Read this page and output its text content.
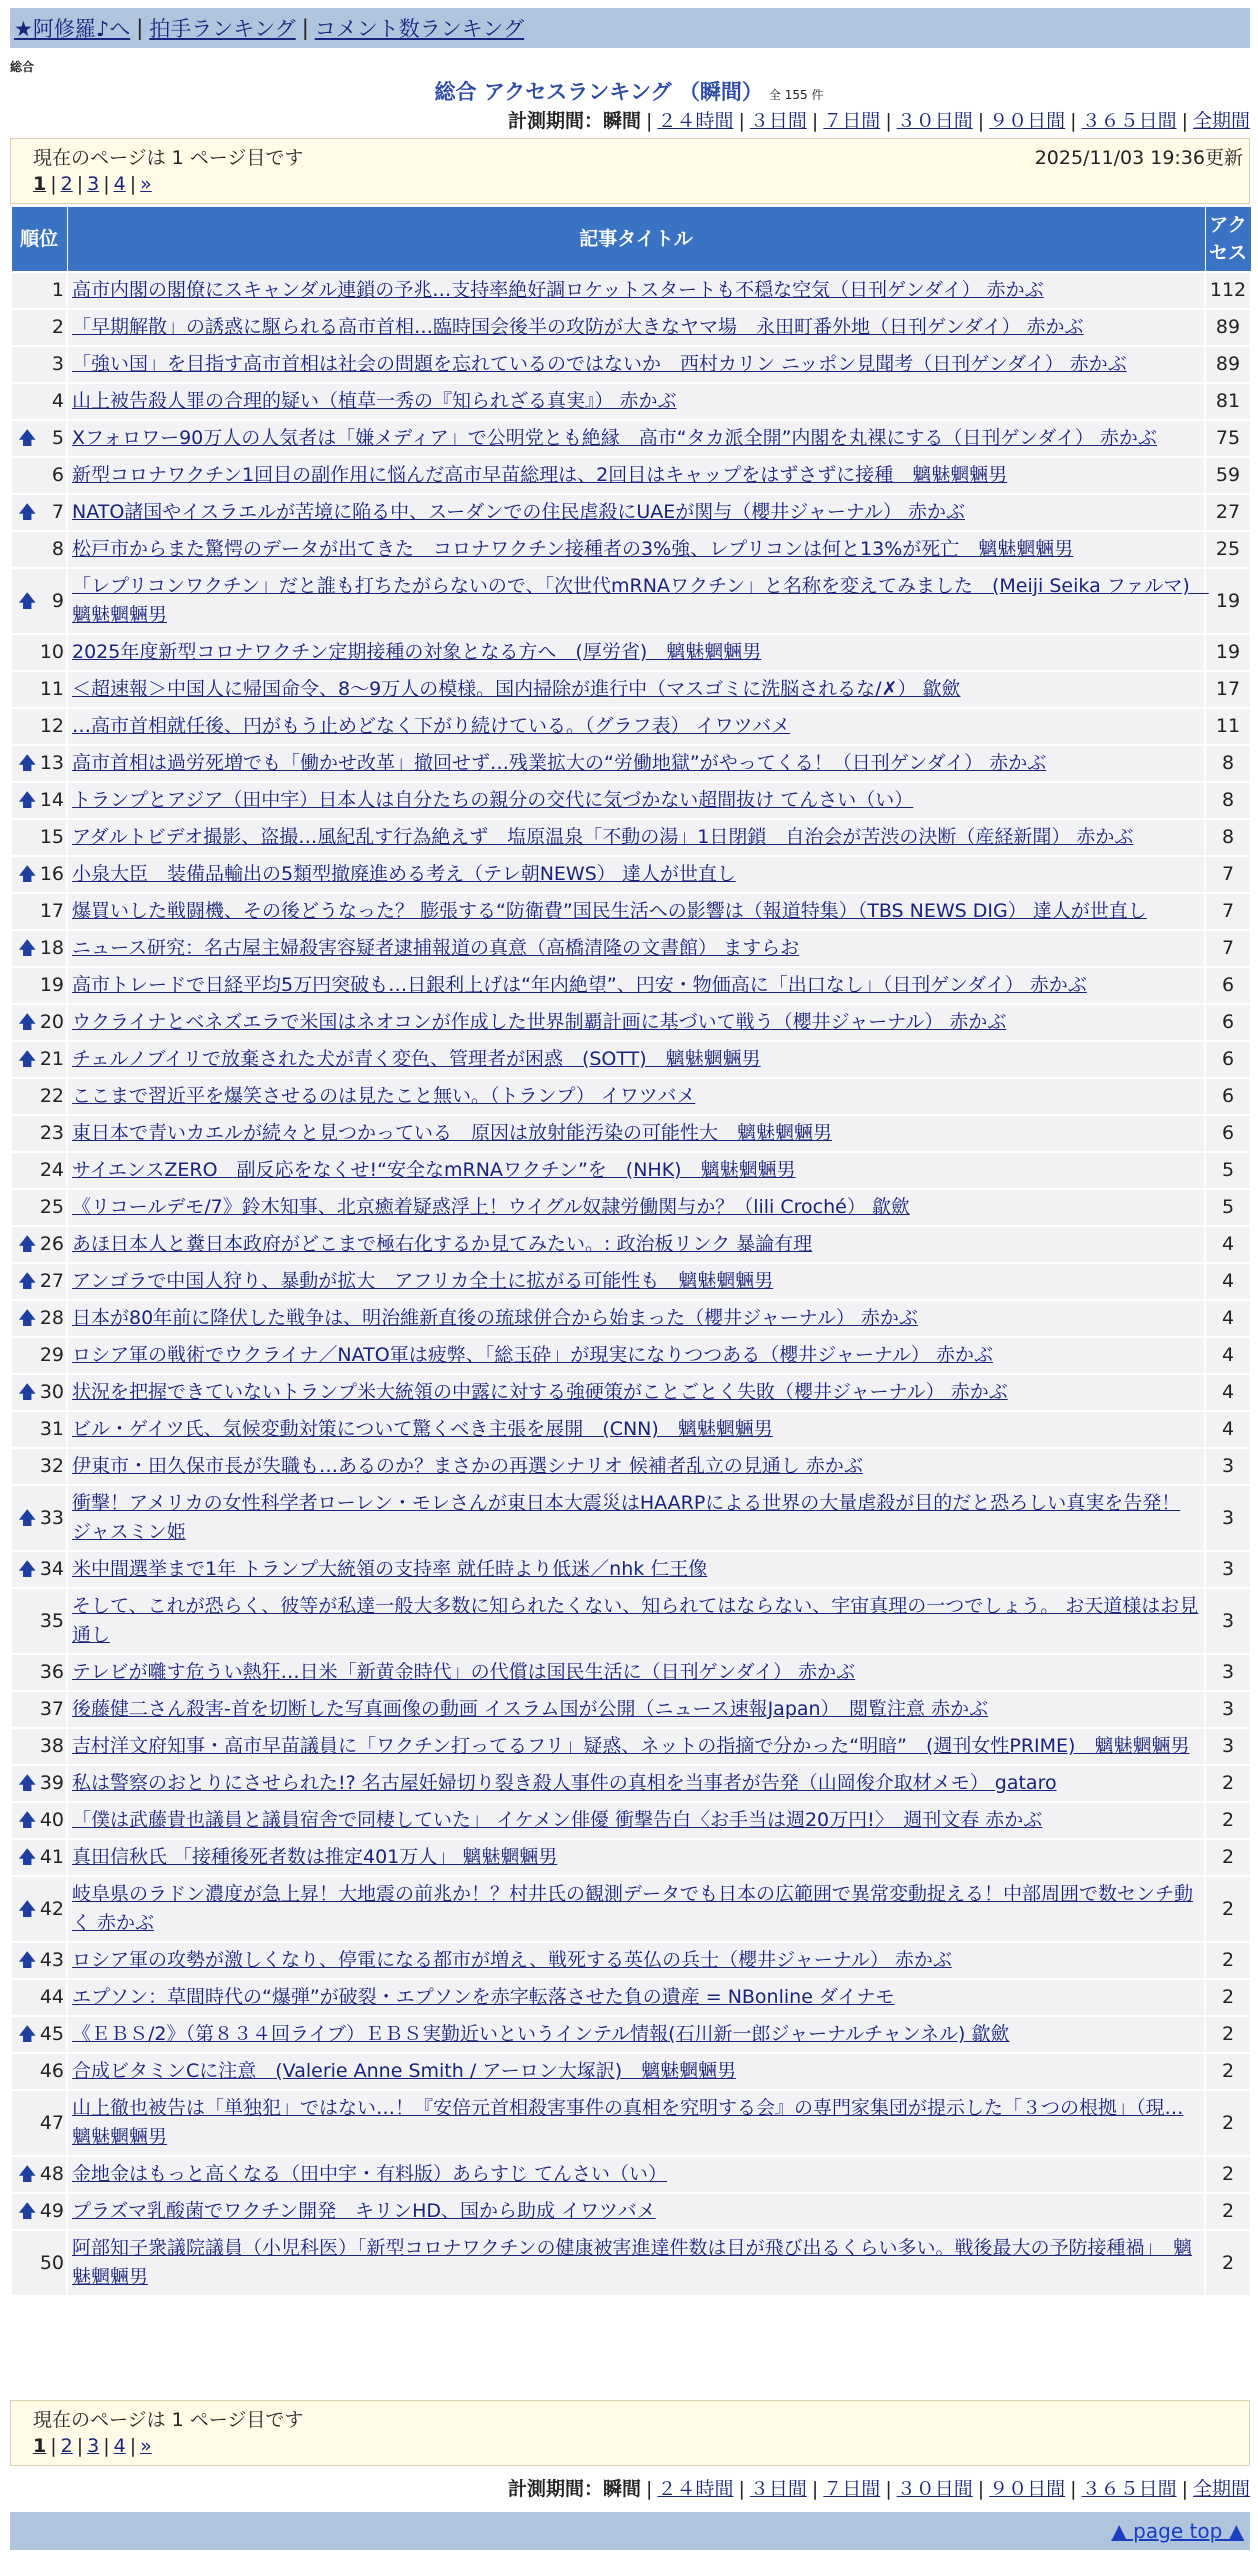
★阿修羅♪へ | 拍手ランキング | コメント数ランキング
総合
総合 アクセスランキング （瞬間） 全 155 件
計測期間：瞬間 | ２４時間 | ３日間 | ７日間 | ３０日間 | ９０日間 | ３６５日間 | 全期間
現在のページは 1 ページ目です	2025/11/03 19:36更新
1 | 2 | 3 | 4 | »
順位	記事タイトル	アクセス
1	高市内閣の閣僚にスキャンダル連鎖の予兆…支持率絶好調ロケットスタートも不穏な空気（日刊ゲンダイ） 赤かぶ	112
2	「早期解散」の誘惑に駆られる高市首相…臨時国会後半の攻防が大きなヤマ場　永田町番外地（日刊ゲンダイ） 赤かぶ	89
3	「強い国」を目指す高市首相は社会の問題を忘れているのではないか　西村カリン ニッポン見聞考（日刊ゲンダイ） 赤かぶ	89
4	山上被告殺人罪の合理的疑い（植草一秀の『知られざる真実』） 赤かぶ	81

🡅 5	Xフォロワー90万人の人気者は「嫌メディア」で公明党とも絶縁　高市“タカ派全開”内閣を丸裸にする（日刊ゲンダイ） 赤かぶ	75
6	新型コロナワクチン1回目の副作用に悩んだ高市早苗総理は、2回目はキャップをはずさずに接種　魑魅魍魎男	59

🡅 7	NATO諸国やイスラエルが苦境に陥る中、スーダンでの住民虐殺にUAEが関与（櫻井ジャーナル） 赤かぶ	27
8	松戸市からまた驚愕のデータが出てきた　コロナワクチン接種者の3%強、レプリコンは何と13%が死亡　魑魅魍魎男	25

🡅 9	「レプリコンワクチン」だと誰も打ちたがらないので、「次世代mRNAワクチン」と名称を変えてみました　(Meiji Seika ファルマ)　魑魅魍魎男	19
10	2025年度新型コロナワクチン定期接種の対象となる方へ　(厚労省)　魑魅魍魎男	19
11	＜超速報＞中国人に帰国命令、8～9万人の模様。国内掃除が進行中（マスゴミに洗脳されるな/✗） 歙歛	17
12	…高市首相就任後、円がもう止めどなく下がり続けている。（グラフ表） イワツバメ	11

🡅 13	高市首相は過労死増でも「働かせ改革」撤回せず…残業拡大の“労働地獄”がやってくる！（日刊ゲンダイ） 赤かぶ	8

🡅 14	トランプとアジア（田中宇）日本人は自分たちの親分の交代に気づかない超間抜け てんさい（い）	8
15	アダルトビデオ撮影、盗撮…風紀乱す行為絶えず　塩原温泉「不動の湯」1日閉鎖　自治会が苦渋の決断（産経新聞） 赤かぶ	8

🡅 16	小泉大臣　装備品輸出の5類型撤廃進める考え（テレ朝NEWS） 達人が世直し	7
17	爆買いした戦闘機、その後どうなった？ 膨張する“防衛費”国民生活への影響は（報道特集）（TBS NEWS DIG） 達人が世直し	7

🡅 18	ニュース研究：名古屋主婦殺害容疑者逮捕報道の真意（高橋清隆の文書館） ますらお	7
19	高市トレードで日経平均5万円突破も…日銀利上げは“年内絶望”、円安・物価高に「出口なし」（日刊ゲンダイ） 赤かぶ	6

🡅 20	ウクライナとベネズエラで米国はネオコンが作成した世界制覇計画に基づいて戦う（櫻井ジャーナル） 赤かぶ	6

🡅 21	チェルノブイリで放棄された犬が青く変色、管理者が困惑　(SOTT)　魑魅魍魎男	6
22	ここまで習近平を爆笑させるのは見たこと無い。（トランプ） イワツバメ	6
23	東日本で青いカエルが続々と見つかっている　原因は放射能汚染の可能性大　魑魅魍魎男	6
24	サイエンスZERO　副反応をなくせ!“安全なmRNAワクチン”を　(NHK)　魑魅魍魎男	5
25	《リコールデモ/7》鈴木知事、北京癒着疑惑浮上！ウイグル奴隷労働関与か？（lili Croché） 歙歛	5

🡅 26	あほ日本人と糞日本政府がどこまで極右化するか見てみたい。: 政治板リンク 暴論有理	4

🡅 27	アンゴラで中国人狩り、暴動が拡大　アフリカ全土に拡がる可能性も　魑魅魍魎男	4

🡅 28	日本が80年前に降伏した戦争は、明治維新直後の琉球併合から始まった（櫻井ジャーナル） 赤かぶ	4
29	ロシア軍の戦術でウクライナ／NATO軍は疲弊、「総玉砕」が現実になりつつある（櫻井ジャーナル） 赤かぶ	4

🡅 30	状況を把握できていないトランプ米大統領の中露に対する強硬策がことごとく失敗（櫻井ジャーナル） 赤かぶ	4
31	ビル・ゲイツ氏、気候変動対策について驚くべき主張を展開　(CNN)　魑魅魍魎男	4
32	伊東市・田久保市長が失職も…あるのか？まさかの再選シナリオ 候補者乱立の見通し 赤かぶ	3

🡅 33	衝撃！アメリカの女性科学者ローレン・モレさんが東日本大震災はHAARPによる世界の大量虐殺が目的だと恐ろしい真実を告発！ ジャスミン姫	3

🡅 34	米中間選挙まで1年 トランプ大統領の支持率 就任時より低迷／nhk 仁王像	3
35	そして、これが恐らく、彼等が私達一般大多数に知られたくない、知られてはならない、宇宙真理の一つでしょう。 お天道様はお見通し	3
36	テレビが囃す危うい熱狂…日米「新黄金時代」の代償は国民生活に（日刊ゲンダイ） 赤かぶ	3
37	後藤健二さん殺害-首を切断した写真画像の動画 イスラム国が公開（ニュース速報Japan）　閲覧注意 赤かぶ	3
38	吉村洋文府知事・高市早苗議員に「ワクチン打ってるフリ」疑惑、ネットの指摘で分かった“明暗”　(週刊女性PRIME)　魑魅魍魎男	3

🡅 39	私は警察のおとりにさせられた!? 名古屋妊婦切り裂き殺人事件の真相を当事者が告発（山岡俊介取材メモ） gataro	2

🡅 40	「僕は武藤貴也議員と議員宿舎で同棲していた」 イケメン俳優 衝撃告白〈お手当は週20万円!〉　週刊文春 赤かぶ	2

🡅 41	真田信秋氏 「接種後死者数は推定401万人」 魑魅魍魎男	2

🡅 42	岐阜県のラドン濃度が急上昇！大地震の前兆か！？村井氏の観測データでも日本の広範囲で異常変動捉える！中部周囲で数センチ動く 赤かぶ	2

🡅 43	ロシア軍の攻勢が激しくなり、停電になる都市が増え、戦死する英仏の兵士（櫻井ジャーナル） 赤かぶ	2
44	エプソン：草間時代の“爆弾”が破裂・エプソンを赤字転落させた負の遺産 = NBonline ダイナモ	2

🡅 45	《ＥＢＳ/2》（第８３４回ライブ）ＥＢＳ実勤近いというインテル情報(石川新一郎ジャーナルチャンネル) 歙歛	2
46	合成ビタミンCに注意　(Valerie Anne Smith / アーロン大塚訳)　魑魅魍魎男	2
47	山上徹也被告は「単独犯」ではない…！『安倍元首相殺害事件の真相を究明する会』の専門家集団が提示した「３つの根拠」（現… 魑魅魍魎男	2

🡅 48	金地金はもっと高くなる（田中宇・有料版）あらすじ てんさい（い）	2

🡅 49	プラズマ乳酸菌でワクチン開発　キリンHD、国から助成 イワツバメ	2
50	阿部知子衆議院議員（小児科医）「新型コロナワクチンの健康被害進達件数は目が飛び出るくらい多い。戦後最大の予防接種禍」　魑魅魍魎男	2
現在のページは 1 ページ目です
1 | 2 | 3 | 4 | »
計測期間：瞬間 | ２４時間 | ３日間 | ７日間 | ３０日間 | ９０日間 | ３６５日間 | 全期間
▲ page top ▲
